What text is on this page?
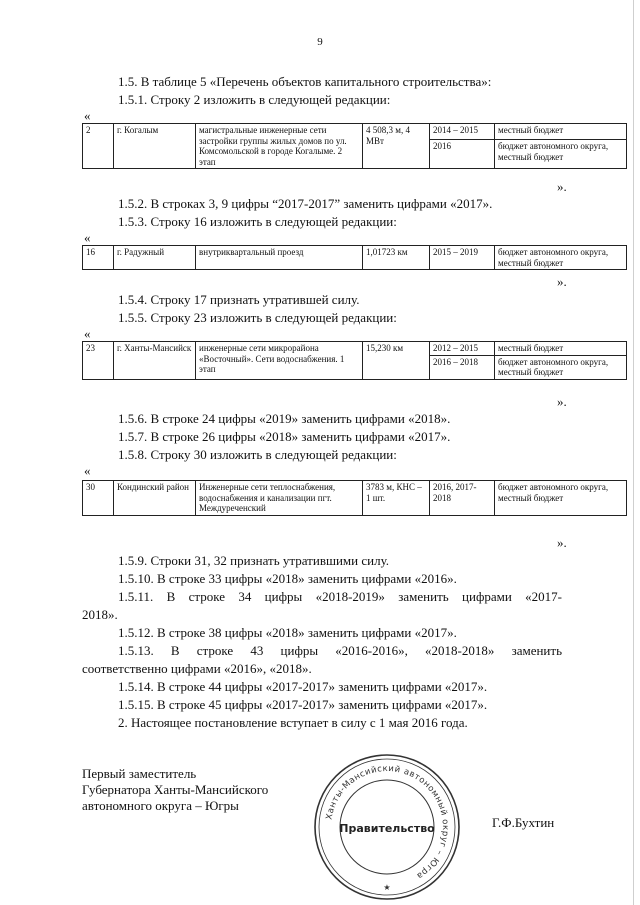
9
1.5. В таблице 5 «Перечень объектов капитального строительства»:
1.5.1. Строку 2 изложить в следующей редакции:
«
2	г. Когалым	магистральные инженерные сети застройки группы жилых домов по ул. Комсомольской в городе Когалыме. 2 этап	4 508,3 м, 4 МВт	2014 – 2015	местный бюджет
				2016	бюджет автономного округа, местный бюджет
».
1.5.2. В строках 3, 9 цифры “2017-2017” заменить цифрами «2017».
1.5.3. Строку 16 изложить в следующей редакции:
«
16	г. Радужный	внутриквартальный проезд	1,01723 км	2015 – 2019	бюджет автономного округа, местный бюджет
».
1.5.4. Строку 17 признать утратившей силу.
1.5.5. Строку 23 изложить в следующей редакции:
«
23	г. Ханты-Мансийск	инженерные сети микрорайона «Восточный». Сети водоснабжения. 1 этап	15,230 км	2012 – 2015	местный бюджет
				2016 – 2018	бюджет автономного округа, местный бюджет
».
1.5.6. В строке 24 цифры «2019» заменить цифрами «2018».
1.5.7. В строке 26 цифры «2018» заменить цифрами «2017».
1.5.8. Строку 30 изложить в следующей редакции:
«
30	Кондинский район	Инженерные сети теплоснабжения, водоснабжения и канализации пгт. Междуреченский	3783 м, КНС – 1 шт.	2016, 2017-2018	бюджет автономного округа, местный бюджет
».
1.5.9. Строки 31, 32 признать утратившими силу.
1.5.10. В строке 33 цифры «2018» заменить цифрами «2016».
1.5.11. В строке 34 цифры «2018-2019» заменить цифрами «2017-
2018».
1.5.12. В строке 38 цифры «2018» заменить цифрами «2017».
1.5.13. В строке 43 цифры «2016-2016», «2018-2018» заменить
соответственно цифрами «2016», «2018».
1.5.14. В строке 44 цифры «2017-2017» заменить цифрами «2017».
1.5.15. В строке 45 цифры «2017-2017» заменить цифрами «2017».
2. Настоящее постановление вступает в силу с 1 мая 2016 года.
Первый заместитель
Губернатора Ханты-Мансийского
автономного округа – Югры
Ханты-Мансийский автономный округ – Югра
Правительство
★
Г.Ф.Бухтин
